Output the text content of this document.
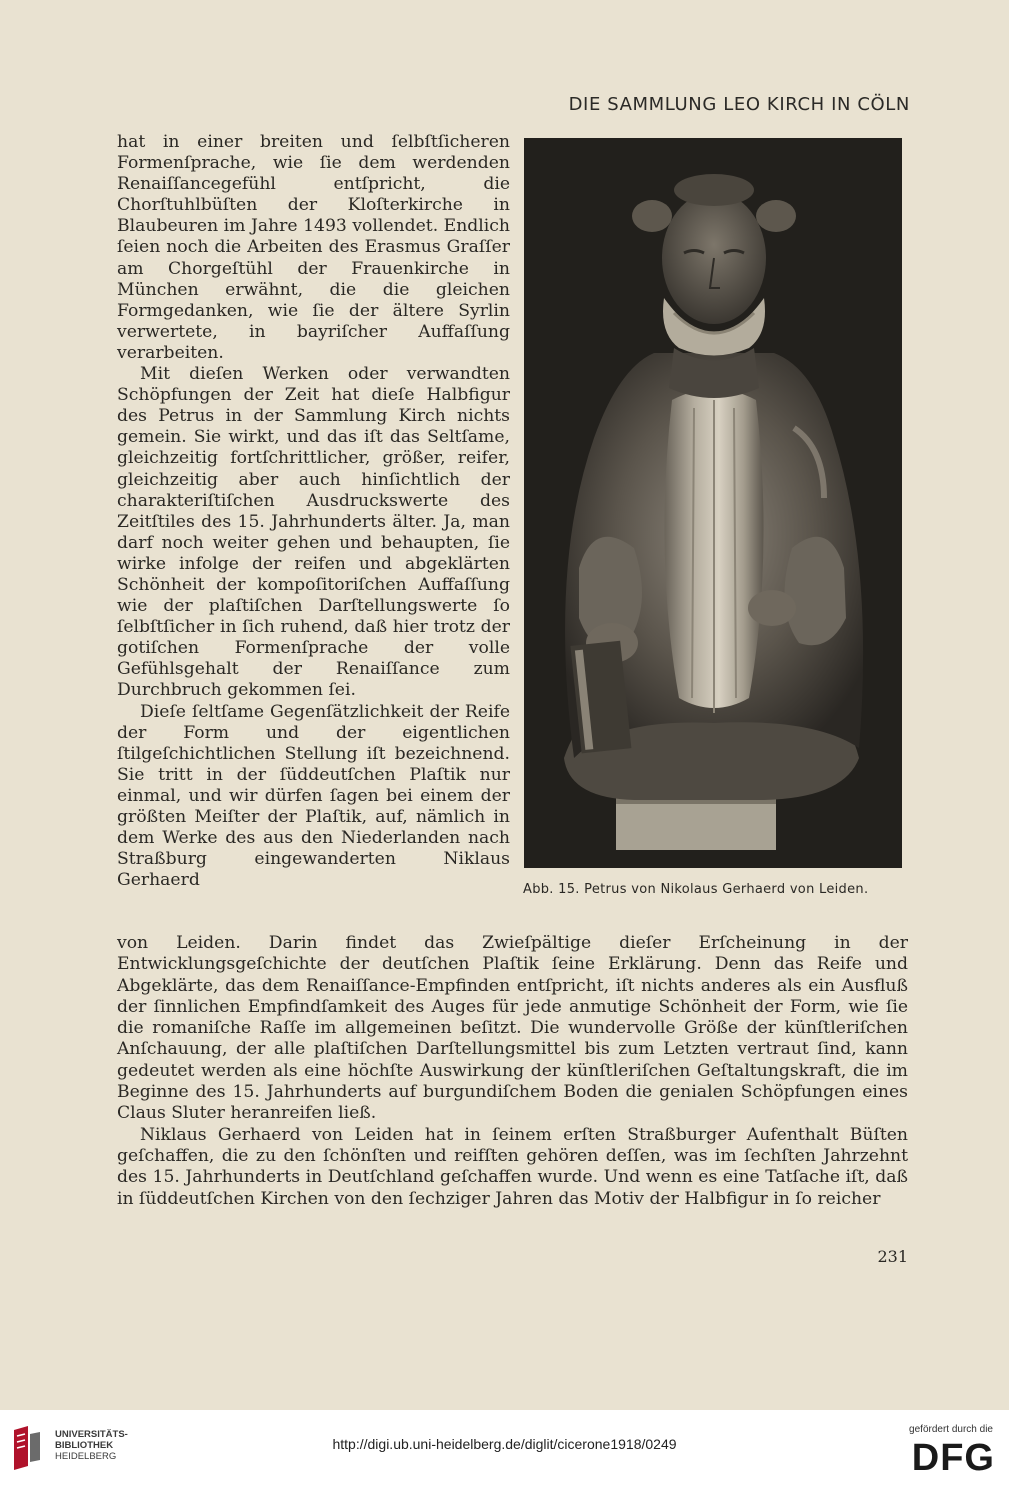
DIE SAMMLUNG LEO KIRCH IN CÖLN

hat in einer breiten und ſelbſtſicheren Formenſprache, wie ſie dem werdenden Renaiſſancegefühl entſpricht, die Chorſtuhlbüſten der Kloſterkirche in Blaubeuren im Jahre 1493 vollendet. Endlich ſeien noch die Arbeiten des Erasmus Graſſer am Chorgeſtühl der Frauenkirche in München erwähnt, die die gleichen Formgedanken, wie ſie der ältere Syrlin verwertete, in bayriſcher Auffaſſung verarbeiten.

Mit dieſen Werken oder verwandten Schöpfungen der Zeit hat dieſe Halbfigur des Petrus in der Sammlung Kirch nichts gemein. Sie wirkt, und das iſt das Seltſame, gleichzeitig fortſchrittlicher, größer, reifer, gleichzeitig aber auch hinſichtlich der charakteriſtiſchen Ausdruckswerte des Zeitſtiles des 15. Jahrhunderts älter. Ja, man darf noch weiter gehen und behaupten, ſie wirke infolge der reifen und abgeklärten Schönheit der kompoſitoriſchen Auffaſſung wie der plaſtiſchen Darſtellungswerte ſo ſelbſtſicher in ſich ruhend, daß hier trotz der gotiſchen Formenſprache der volle Gefühlsgehalt der Renaiſſance zum Durchbruch gekommen ſei.

Dieſe ſeltſame Gegenſätzlichkeit der Reife der Form und der eigentlichen ſtilgeſchichtlichen Stellung iſt bezeichnend. Sie tritt in der ſüddeutſchen Plaſtik nur einmal, und wir dürfen ſagen bei einem der größten Meiſter der Plaſtik, auf, nämlich in dem Werke des aus den Niederlanden nach Straßburg eingewanderten Niklaus Gerhaerd	Abb. 15. Petrus von Nikolaus Gerhaerd von Leiden.

von Leiden. Darin findet das Zwieſpältige dieſer Erſcheinung in der Entwicklungsgeſchichte der deutſchen Plaſtik ſeine Erklärung. Denn das Reife und Abgeklärte, das dem Renaiſſance-Empfinden entſpricht, iſt nichts anderes als ein Ausfluß der ſinnlichen Empfindſamkeit des Auges für jede anmutige Schönheit der Form, wie ſie die romaniſche Raſſe im allgemeinen beſitzt. Die wundervolle Größe der künſtleriſchen Anſchauung, der alle plaſtiſchen Darſtellungsmittel bis zum Letzten vertraut ſind, kann gedeutet werden als eine höchſte Auswirkung der künſtleriſchen Geſtaltungskraft, die im Beginne des 15. Jahrhunderts auf burgundiſchem Boden die genialen Schöpfungen eines Claus Sluter heranreifen ließ.

Niklaus Gerhaerd von Leiden hat in ſeinem erſten Straßburger Aufenthalt Büſten geſchaffen, die zu den ſchönſten und reifſten gehören deſſen, was im ſechſten Jahrzehnt des 15. Jahrhunderts in Deutſchland geſchaffen wurde. Und wenn es eine Tatſache iſt, daß in ſüddeutſchen Kirchen von den ſechziger Jahren das Motiv der Halbfigur in ſo reicher

231
UNIVERSITÄTS-
BIBLIOTHEK
HEIDELBERG
http://digi.ub.uni-heidelberg.de/diglit/cicerone1918/0249
gefördert durch die
DFG
